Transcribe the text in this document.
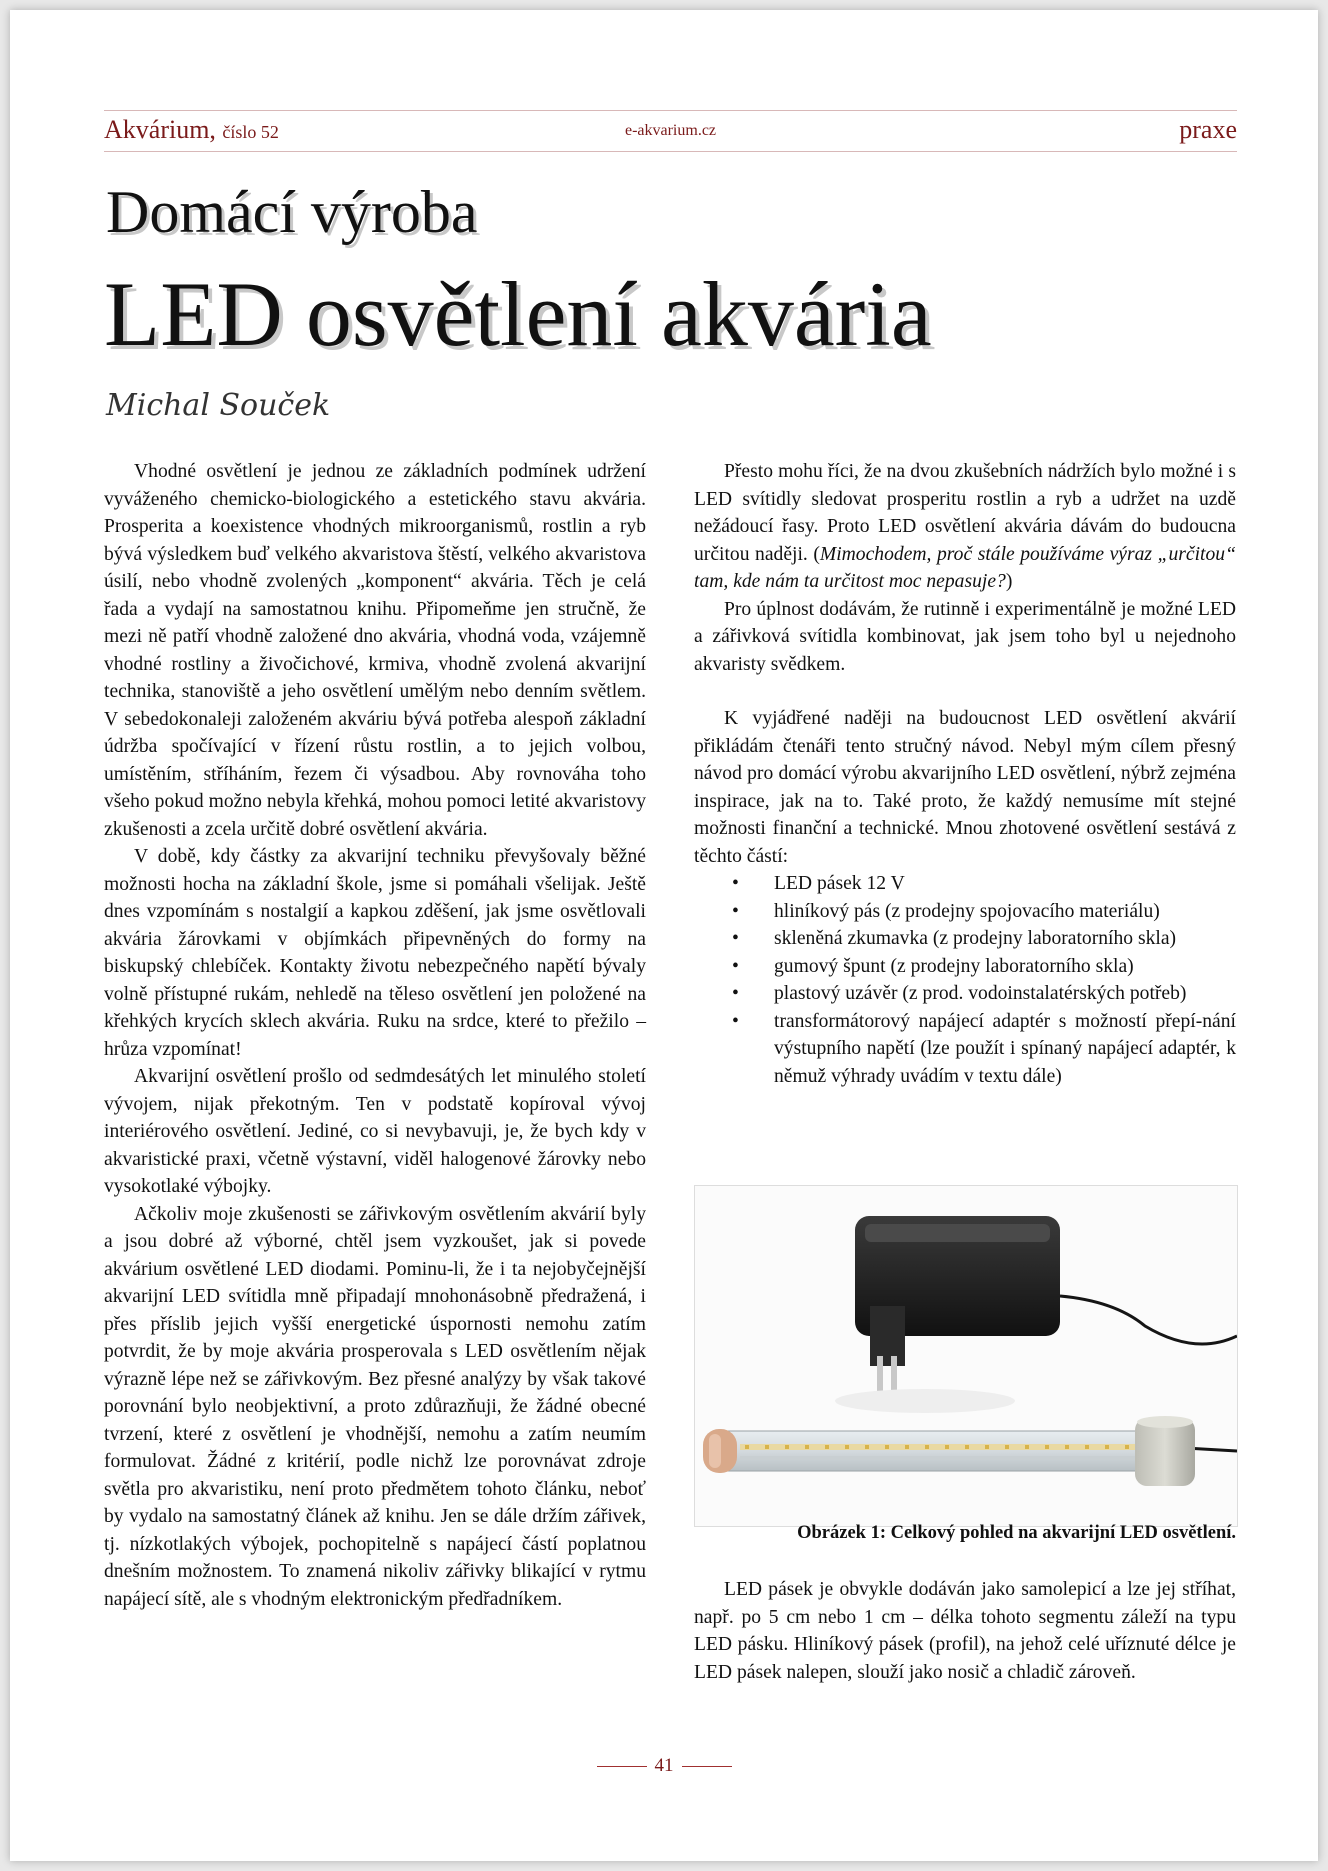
Akvárium, číslo 52	e-akvarium.cz	praxe
Domácí výroba
LED osvětlení akvária
Michal Souček

Vhodné osvětlení je jednou ze základních podmínek udržení vyváženého chemicko-biologického a estetického stavu akvária. Prosperita a koexistence vhodných mikroorganismů, rostlin a ryb bývá výsledkem buď velkého akvaristova štěstí, velkého akvaristova úsilí, nebo vhodně zvolených „komponent“ akvária. Těch je celá řada a vydají na samostatnou knihu. Připomeňme jen stručně, že mezi ně patří vhodně založené dno akvária, vhodná voda, vzájemně vhodné rostliny a živočichové, krmiva, vhodně zvolená akvarijní technika, stanoviště a jeho osvětlení umělým nebo denním světlem. V sebedokonaleji založeném akváriu bývá potřeba alespoň základní údržba spočívající v řízení růstu rostlin, a to jejich volbou, umístěním, stříháním, řezem či výsadbou. Aby rovnováha toho všeho pokud možno nebyla křehká, mohou pomoci letité akvaristovy zkušenosti a zcela určitě dobré osvětlení akvária.

V době, kdy částky za akvarijní techniku převyšovaly běžné možnosti hocha na základní škole, jsme si pomáhali všelijak. Ještě dnes vzpomínám s nostalgií a kapkou zděšení, jak jsme osvětlovali akvária žárovkami v objímkách připevněných do formy na biskupský chlebíček. Kontakty životu nebezpečného napětí bývaly volně přístupné rukám, nehledě na těleso osvětlení jen položené na křehkých krycích sklech akvária. Ruku na srdce, které to přežilo – hrůza vzpomínat!

Akvarijní osvětlení prošlo od sedmdesátých let minulého století vývojem, nijak překotným. Ten v podstatě kopíroval vývoj interiérového osvětlení. Jediné, co si nevybavuji, je, že bych kdy v akvaristické praxi, včetně výstavní, viděl halogenové žárovky nebo vysokotlaké výbojky.

Ačkoliv moje zkušenosti se zářivkovým osvětlením akvárií byly a jsou dobré až výborné, chtěl jsem vyzkoušet, jak si povede akvárium osvětlené LED diodami. Pominu-li, že i ta nejobyčejnější akvarijní LED svítidla mně připadají mnohonásobně předražená, i přes příslib jejich vyšší energetické úspornosti nemohu zatím potvrdit, že by moje akvária prosperovala s LED osvětlením nějak výrazně lépe než se zářivkovým. Bez přesné analýzy by však takové porovnání bylo neobjektivní, a proto zdůrazňuji, že žádné obecné tvrzení, které z osvětlení je vhodnější, nemohu a zatím neumím formulovat. Žádné z kritérií, podle nichž lze porovnávat zdroje světla pro akvaristiku, není proto předmětem tohoto článku, neboť by vydalo na samostatný článek až knihu. Jen se dále držím zářivek, tj. nízkotlakých výbojek, pochopitelně s napájecí částí poplatnou dnešním možnostem. To znamená nikoliv zářivky blikající v rytmu napájecí sítě, ale s vhodným elektronickým předřadníkem.

Přesto mohu říci, že na dvou zkušebních nádržích bylo možné i s LED svítidly sledovat prosperitu rostlin a ryb a udržet na uzdě nežádoucí řasy. Proto LED osvětlení akvária dávám do budoucna určitou naději. (Mimochodem, proč stále používáme výraz „určitou“ tam, kde nám ta určitost moc nepasuje?)

Pro úplnost dodávám, že rutinně i experimentálně je možné LED a zářivková svítidla kombinovat, jak jsem toho byl u nejednoho akvaristy svědkem.

K vyjádřené naději na budoucnost LED osvětlení akvárií přikládám čtenáři tento stručný návod. Nebyl mým cílem přesný návod pro domácí výrobu akvarijního LED osvětlení, nýbrž zejména inspirace, jak na to. Také proto, že každý nemusíme mít stejné možnosti finanční a technické. Mnou zhotovené osvětlení sestává z těchto částí:

• LED pásek 12 V
• hliníkový pás (z prodejny spojovacího materiálu)
• skleněná zkumavka (z prodejny laboratorního skla)
• gumový špunt (z prodejny laboratorního skla)
• plastový uzávěr (z prod. vodoinstalatérských potřeb)
• transformátorový napájecí adaptér s možností přepí-nání výstupního napětí (lze použít i spínaný napájecí adaptér, k němuž výhrady uvádím v textu dále)
Obrázek 1: Celkový pohled na akvarijní LED osvětlení.

LED pásek je obvykle dodáván jako samolepicí a lze jej stříhat, např. po 5 cm nebo 1 cm – délka tohoto segmentu záleží na typu LED pásku. Hliníkový pásek (profil), na jehož celé uříznuté délce je LED pásek nalepen, slouží jako nosič a chladič zároveň.

41
